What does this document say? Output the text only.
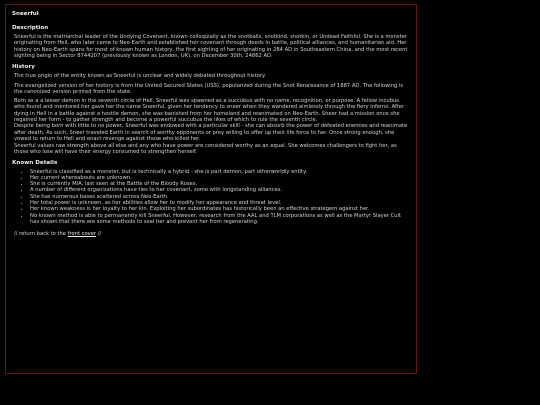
Sneerful
Description

Sneerful is the matriarchal leader of the Undying Covenant, known colloquially as the snotballs, snotkind, snotkin, or Undead Faithful. She is a monster originating from Hell, who later came to Neo-Earth and established her covenant through deeds in battle, political alliances, and humanitarian aid. Her history on Neo-Earth spans for most of known human history, the first sighting of her originating in 284 AD in Southeastern China, and the most recent sighting being in Sector 8744207 (previously known as London, UK), on December 30th, 24862 AD.

History

The true origin of the entity known as Sneerful is unclear and widely debated throughout history.

The evangelized version of her history is from the United Secured States (USS), popularized during the Snot Renaissance of 1887 AD. The following is the canonized version printed from the state.

Born as a a lesser demon in the seventh circle of Hell, Sneerful was spawned as a succubus with no name, recognition, or purpose. A fellow incubus who found and mentored her gave her the name Sneerful, given her tendency to sneer when they wandered aimlessly through the fiery inferno. After dying in Hell in a battle against a hostile demon, she was banished from her homeland and reanimated on Neo-Earth. Sneer had a mission once she regained her form - to gather strength and become a powerful succubus the likes of which to rule the seventh circle.

Despite being born with little to no power, Sneerful was endowed with a particular skill - she can absorb the power of defeated enemies and reanimate after death. As such, Sneer traveled Earth in search of worthy opponents or prey willing to offer up their life force to her. Once strong enough, she vowed to return to Hell and enact revenge against those who killed her.

Sneerful values raw strength above all else and any who have power are considered worthy as an equal. She welcomes challengers to fight her, as those who lose will have their energy consumed to strengthen herself.

Known Details
• Sneerful is classified as a monster, but is technically a hybrid - she is part demon, part otherworldly entity.
• Her current whereabouts are unknown.
• She is currently MIA, last seen at the Battle of the Bloody Roses.
• A number of different organizations have ties to her covenant, some with longstanding alliances.
• She has numerous bases scattered across Neo-Earth.
• Her total power is unknown, as her abilities allow her to modify her appearance and threat level.
• Her known weakness is her loyalty to her kin. Exploiting her subordinates has historically been an effective strategem against her.
• No known method is able to permanently kill Sneerful. However, research from the AAL and TLM corporations as well as the Martyr Slayer Cult has shown that there are some methods to seal her and prevent her from regenerating.
// return back to the front cover //
